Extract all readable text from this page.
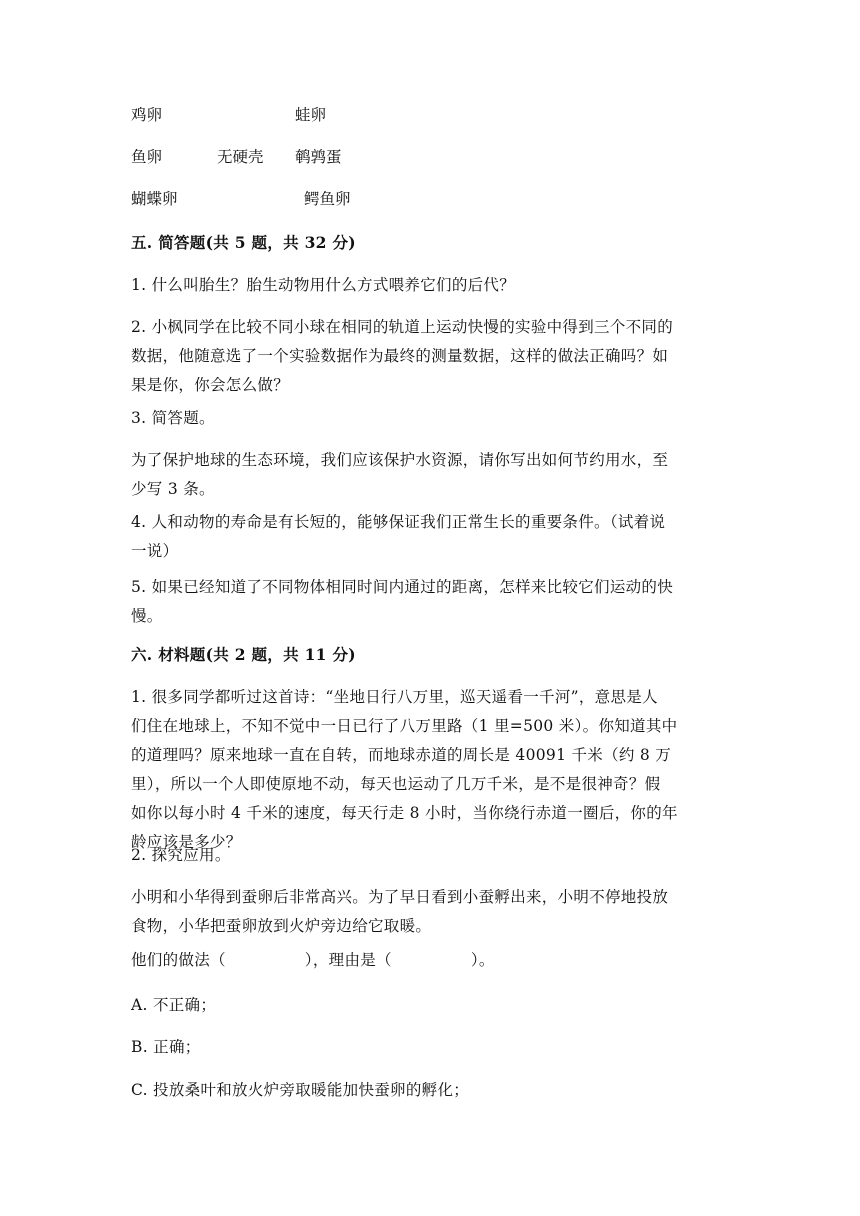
鸡卵	蛙卵
鱼卵	无硬壳 鹌鹑蛋
蝴蝶卵	鳄鱼卵
五. 简答题(共 5 题，共 32 分)
1. 什么叫胎生？胎生动物用什么方式喂养它们的后代？
2. 小枫同学在比较不同小球在相同的轨道上运动快慢的实验中得到三个不同的
数据，他随意选了一个实验数据作为最终的测量数据，这样的做法正确吗？如
果是你，你会怎么做？
3. 简答题。
为了保护地球的生态环境，我们应该保护水资源，请你写出如何节约用水，至
少写 3 条。
4. 人和动物的寿命是有长短的，能够保证我们正常生长的重要条件。（试着说
一说）
5. 如果已经知道了不同物体相同时间内通过的距离，怎样来比较它们运动的快
慢。
六. 材料题(共 2 题，共 11 分)
1. 很多同学都听过这首诗：“坐地日行八万里，巡天遥看一千河”，意思是人
们住在地球上，不知不觉中一日已行了八万里路（1 里=500 米）。你知道其中
的道理吗？原来地球一直在自转，而地球赤道的周长是 40091 千米（约 8 万
里），所以一个人即使原地不动，每天也运动了几万千米，是不是很神奇？假
如你以每小时 4 千米的速度，每天行走 8 小时，当你绕行赤道一圈后，你的年
龄应该是多少？
2. 探究应用。
小明和小华得到蚕卵后非常高兴。为了早日看到小蚕孵出来，小明不停地投放
食物，小华把蚕卵放到火炉旁边给它取暖。
他们的做法（　　　　　），理由是（　　　　　）。
A. 不正确；
B. 正确；
C. 投放桑叶和放火炉旁取暖能加快蚕卵的孵化；
